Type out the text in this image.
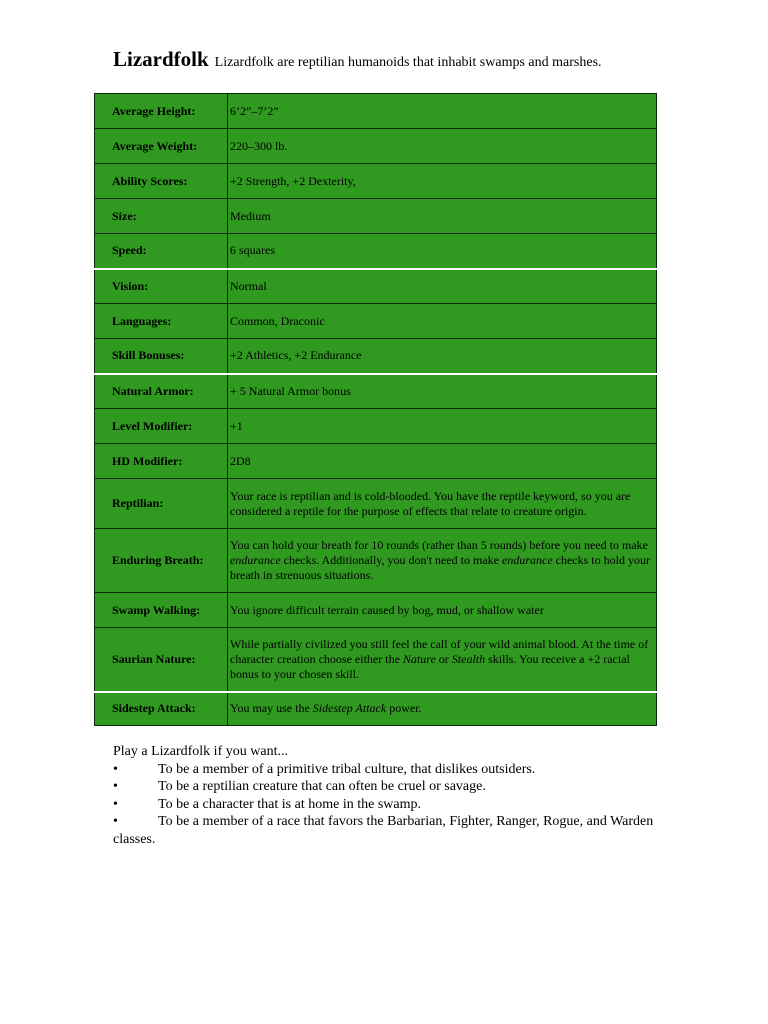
Lizardfolk Lizardfolk are reptilian humanoids that inhabit swamps and marshes.
Average Height:	6’2”–7’2”
Average Weight:	220–300 lb.
Ability Scores:	+2 Strength, +2 Dexterity,
Size:	Medium
Speed:	6 squares
Vision:	Normal
Languages:	Common, Draconic
Skill Bonuses:	+2 Athletics, +2 Endurance
Natural Armor:	+ 5 Natural Armor bonus
Level Modifier:	+1
HD Modifier:	2D8
Reptilian:	Your race is reptilian and is cold-blooded. You have the reptile keyword, so you are considered a reptile for the purpose of effects that relate to creature origin.
Enduring Breath:	You can hold your breath for 10 rounds (rather than 5 rounds) before you need to make endurance checks. Additionally, you don't need to make endurance checks to hold your breath in strenuous situations.
Swamp Walking:	You ignore difficult terrain caused by bog, mud, or shallow water
Saurian Nature:	While partially civilized you still feel the call of your wild animal blood. At the time of character creation choose either the Nature or Stealth skills. You receive a +2 racial bonus to your chosen skill.
Sidestep Attack:	You may use the Sidestep Attack power.
Play a Lizardfolk if you want...
•	To be a member of a primitive tribal culture, that dislikes outsiders.
•	To be a reptilian creature that can often be cruel or savage.
•	To be a character that is at home in the swamp.
•	To be a member of a race that favors the Barbarian, Fighter, Ranger, Rogue, and Warden classes.
